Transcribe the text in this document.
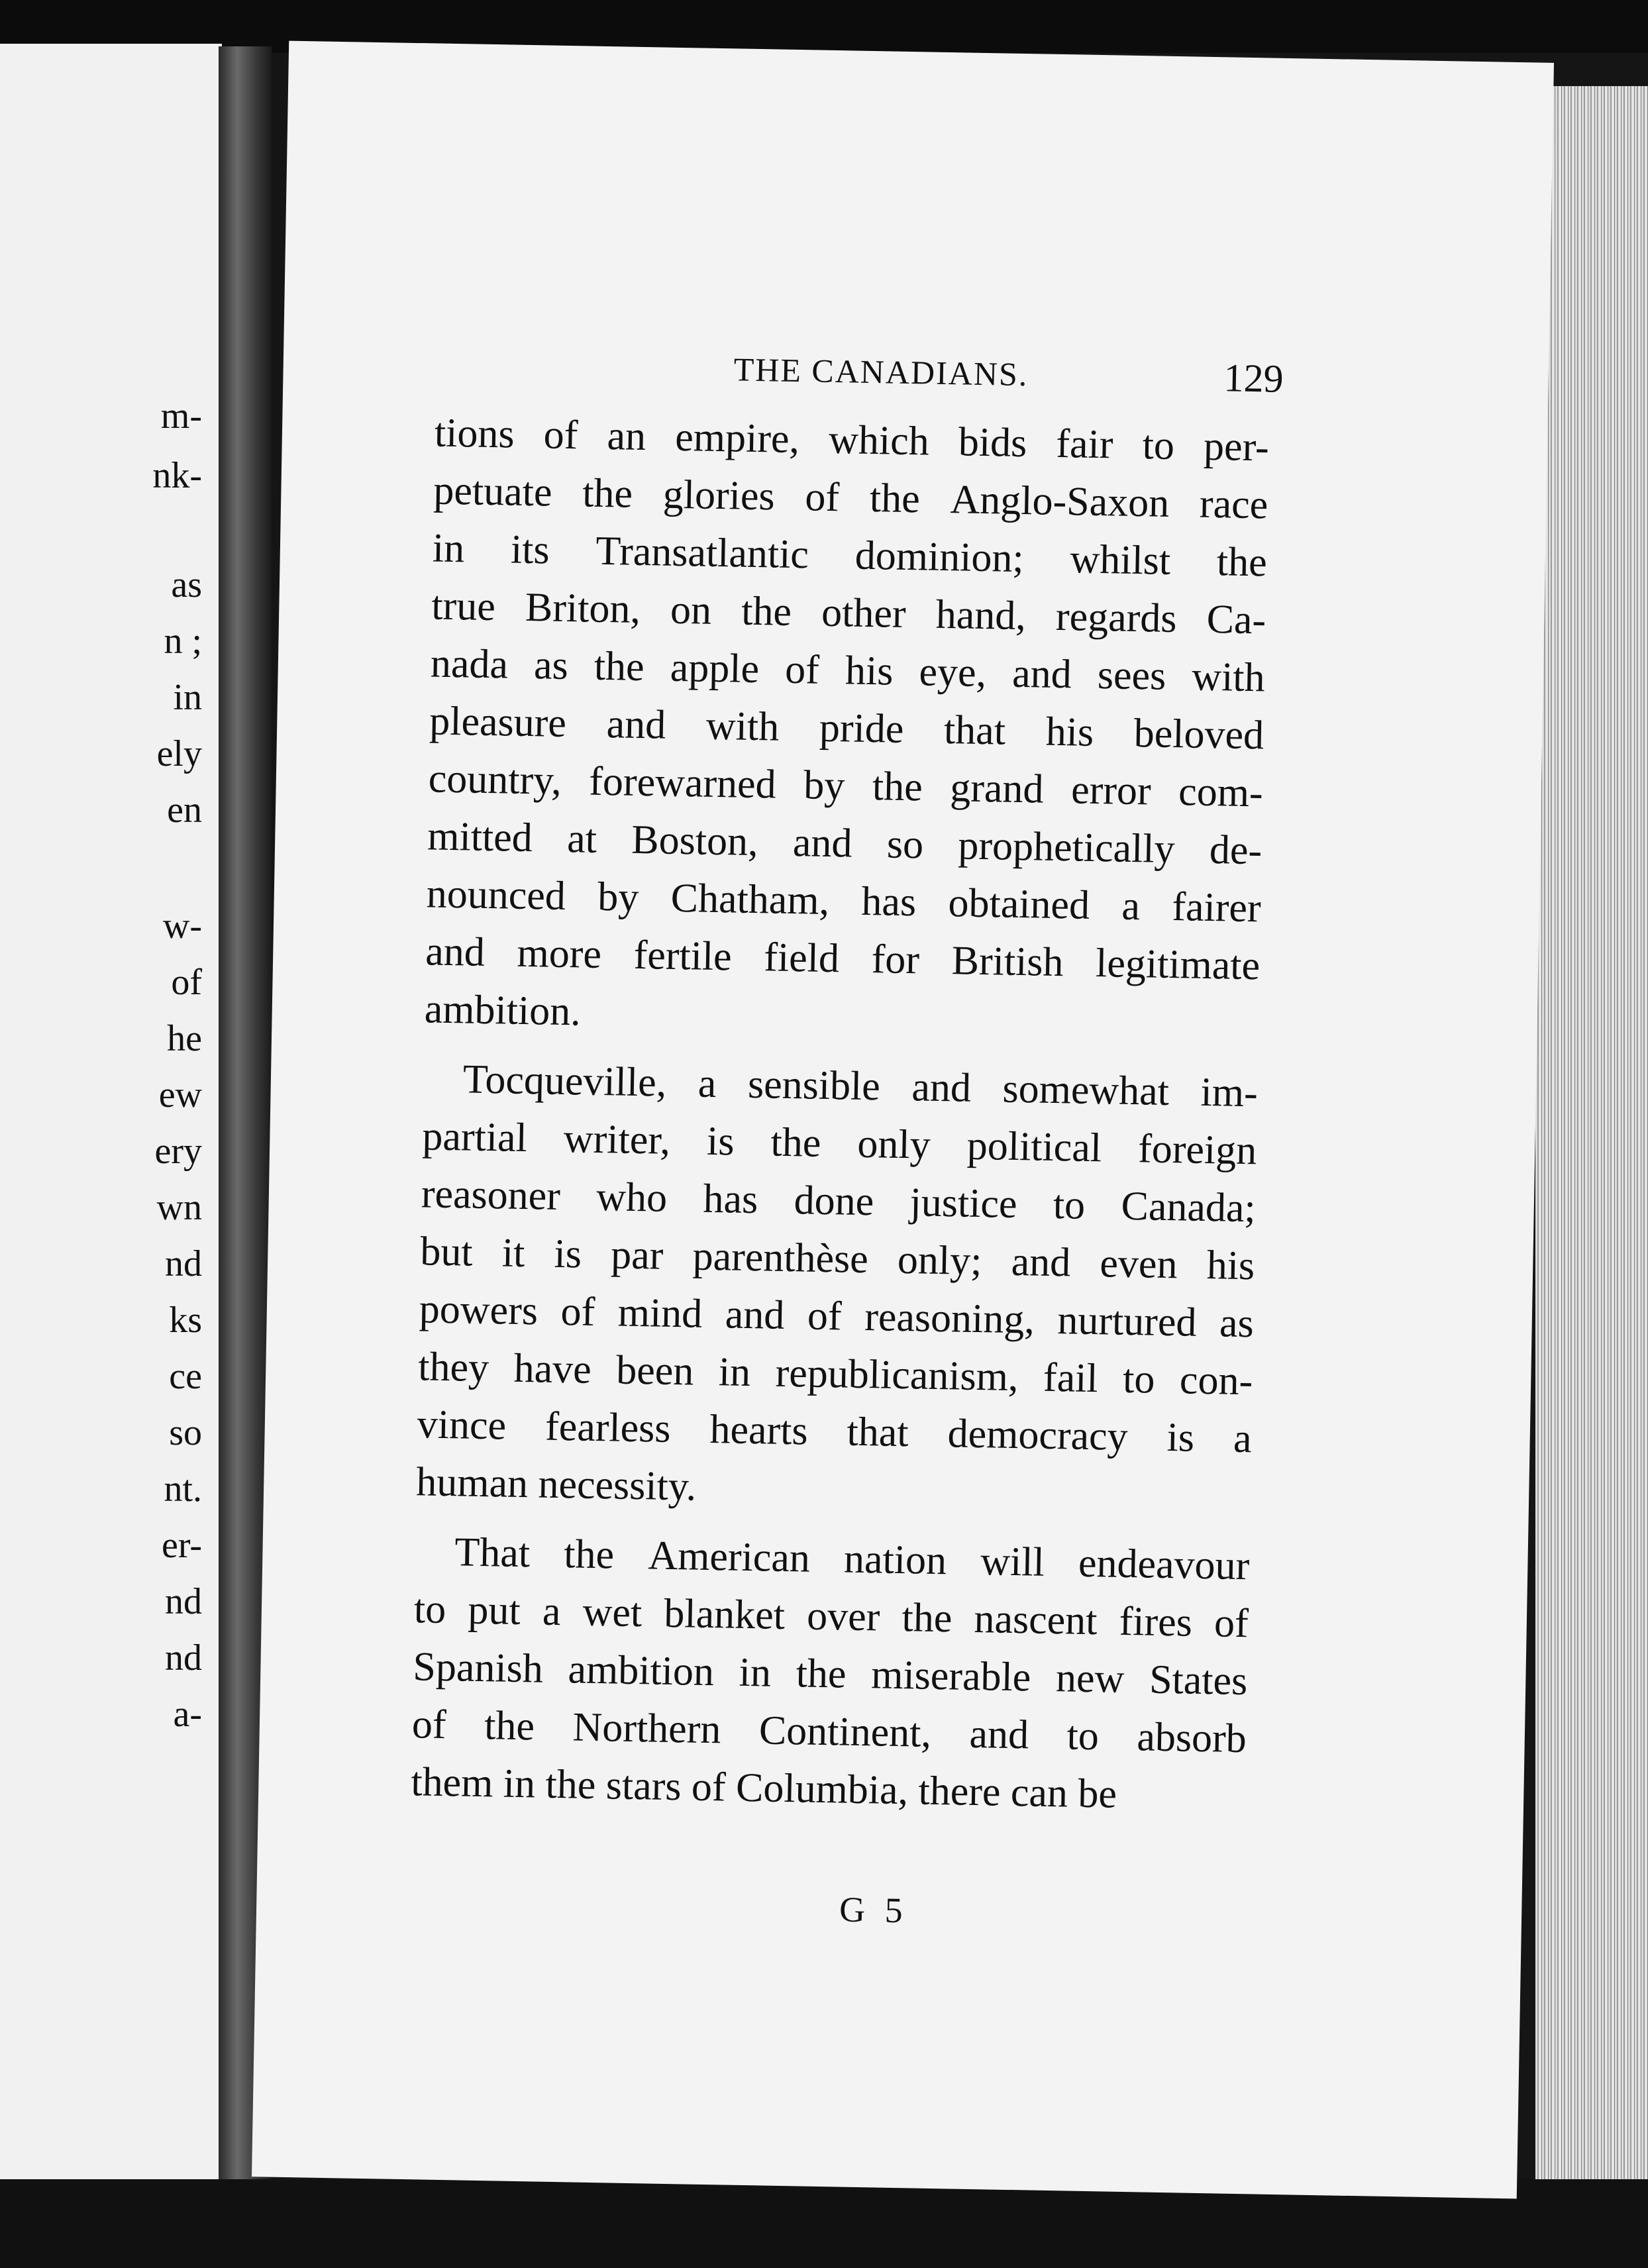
m-
nk-
as
n ;
in
ely
en
w-
of
he
ew
ery
wn
nd
ks
ce
so
nt.
er-
nd
nd
a-
THE CANADIANS.	129
tions of an empire, which bids fair to per-
petuate the glories of the Anglo-Saxon race
in its Transatlantic dominion; whilst the
true Briton, on the other hand, regards Ca-
nada as the apple of his eye, and sees with
pleasure and with pride that his beloved
country, forewarned by the grand error com-
mitted at Boston, and so prophetically de-
nounced by Chatham, has obtained a fairer
and more fertile field for British legitimate
ambition.
Tocqueville, a sensible and somewhat im-
partial writer, is the only political foreign
reasoner who has done justice to Canada;
but it is par parenthèse only; and even his
powers of mind and of reasoning, nurtured as
they have been in republicanism, fail to con-
vince fearless hearts that democracy is a
human necessity.
That the American nation will endeavour
to put a wet blanket over the nascent fires of
Spanish ambition in the miserable new States
of the Northern Continent, and to absorb
them in the stars of Columbia, there can be
G 5
